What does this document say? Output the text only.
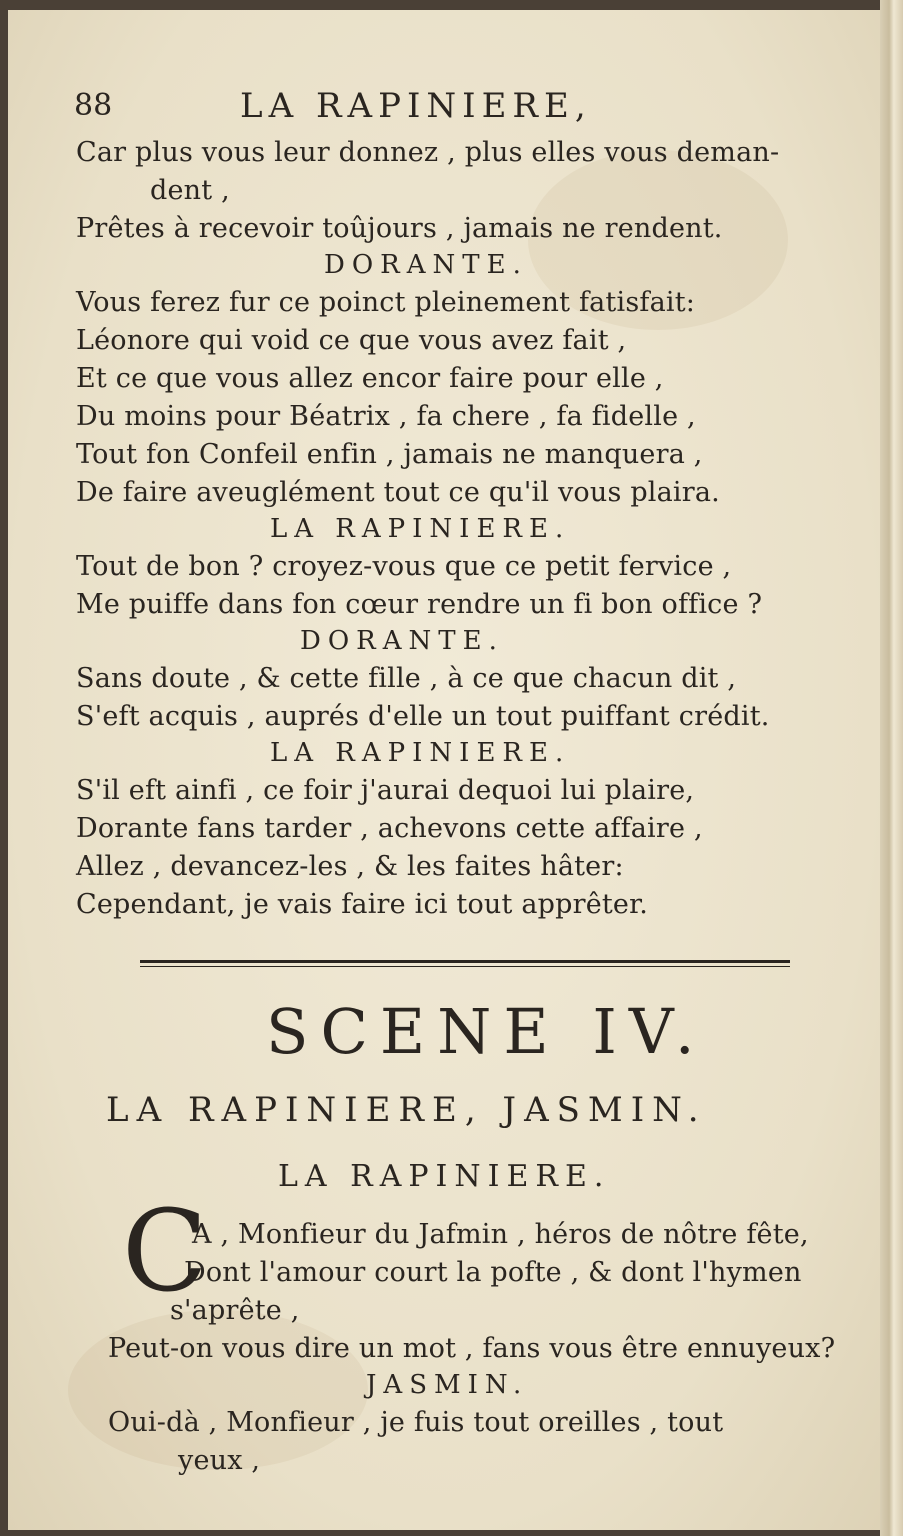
88	LA RAPINIERE,
Car plus vous leur donnez , plus elles vous deman-
dent ,
Prêtes à recevoir toûjours , jamais ne rendent.
DORANTE.
Vous ferez fur ce poinct pleinement fatisfait:
Léonore qui void ce que vous avez fait ,
Et ce que vous allez encor faire pour elle ,
Du moins pour Béatrix , fa chere , fa fidelle ,
Tout fon Confeil enfin , jamais ne manquera ,
De faire aveuglément tout ce qu'il vous plaira.
LA RAPINIERE.
Tout de bon ? croyez-vous que ce petit fervice ,
Me puiffe dans fon cœur rendre un fi bon office ?
DORANTE.
Sans doute , & cette fille , à ce que chacun dit ,
S'eft acquis , auprés d'elle un tout puiffant crédit.
LA RAPINIERE.
S'il eft ainfi , ce foir j'aurai dequoi lui plaire,
Dorante fans tarder , achevons cette affaire ,
Allez , devancez-les , & les faites hâter:
Cependant, je vais faire ici tout apprêter.
SCENE IV.
LA RAPINIERE, JASMIN.
LA RAPINIERE.
C
A , Monfieur du Jafmin , héros de nôtre fête,
Dont l'amour court la pofte , & dont l'hymen
s'aprête ,
Peut-on vous dire un mot , fans vous être ennuyeux?
JASMIN.
Oui-dà , Monfieur , je fuis tout oreilles , tout
yeux ,
